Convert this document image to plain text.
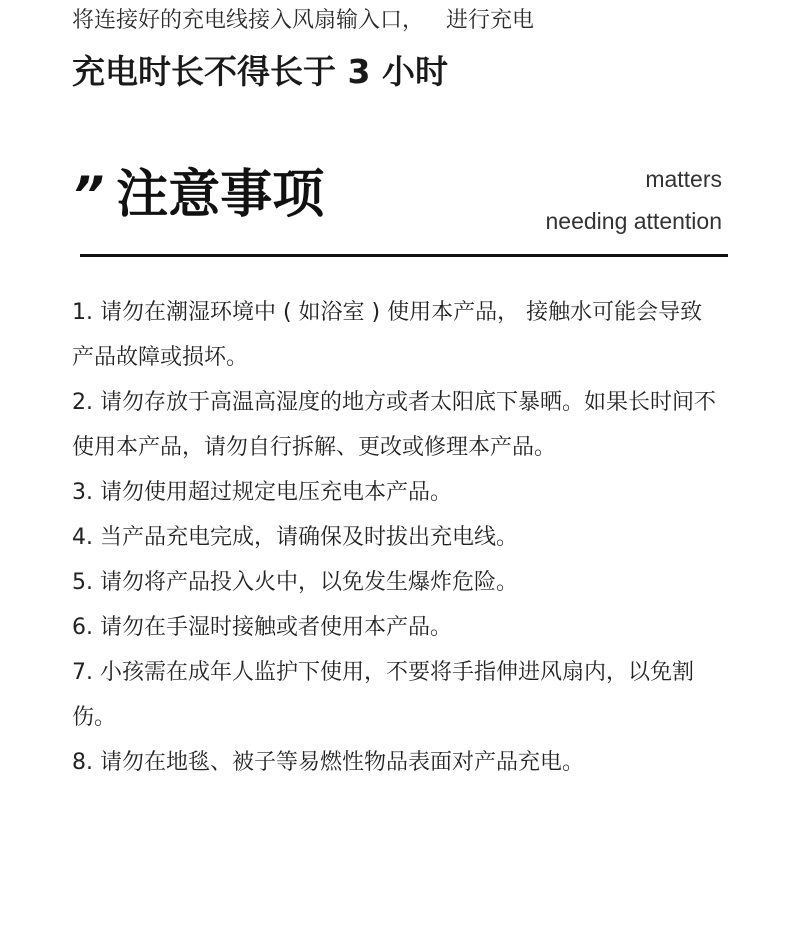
将连接好的充电线接入风扇输入口， 进行充电
充电时长不得长于 3 小时
” 注意事项	matters
needing attention
1. 请勿在潮湿环境中 ( 如浴室 ) 使用本产品， 接触水可能会导致产品故障或损坏。
2. 请勿存放于高温高湿度的地方或者太阳底下暴晒。如果长时间不使用本产品，请勿自行拆解、更改或修理本产品。
3. 请勿使用超过规定电压充电本产品。
4. 当产品充电完成，请确保及时拔出充电线。
5. 请勿将产品投入火中，以免发生爆炸危险。
6. 请勿在手湿时接触或者使用本产品。
7. 小孩需在成年人监护下使用，不要将手指伸进风扇内，以免割伤。
8. 请勿在地毯、被子等易燃性物品表面对产品充电。
